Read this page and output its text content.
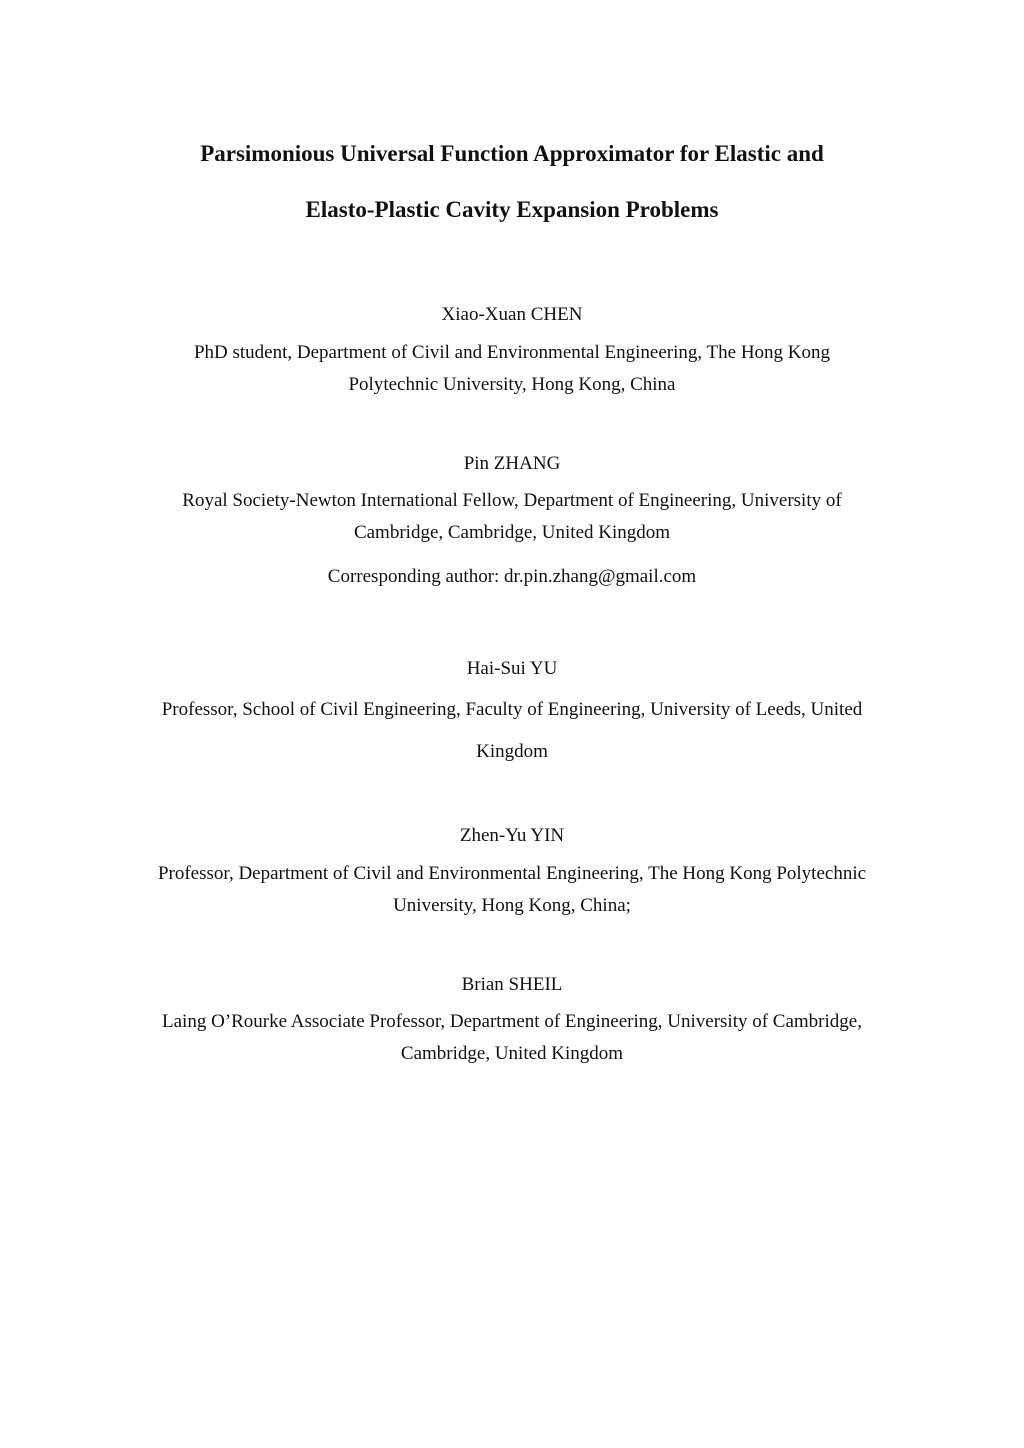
Parsimonious Universal Function Approximator for Elastic and
Elasto-Plastic Cavity Expansion Problems
Xiao-Xuan CHEN
PhD student, Department of Civil and Environmental Engineering, The Hong Kong
Polytechnic University, Hong Kong, China
Pin ZHANG
Royal Society-Newton International Fellow, Department of Engineering, University of
Cambridge, Cambridge, United Kingdom
Corresponding author: dr.pin.zhang@gmail.com
Hai-Sui YU
Professor, School of Civil Engineering, Faculty of Engineering, University of Leeds, United
Kingdom
Zhen-Yu YIN
Professor, Department of Civil and Environmental Engineering, The Hong Kong Polytechnic
University, Hong Kong, China;
Brian SHEIL
Laing O’Rourke Associate Professor, Department of Engineering, University of Cambridge,
Cambridge, United Kingdom
